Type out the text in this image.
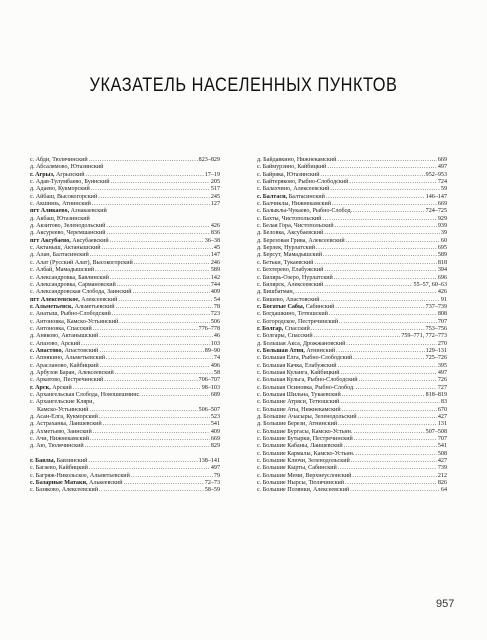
УКАЗАТЕЛЬ НАСЕЛЕННЫХ ПУНКТОВ
с. Абди, Тюлячинский . . .	823–829
д. Абсалямово, Ютазинский
г. Агрыз, Агрызский . . .	17–19
с. Адав-Тулумбаево, Буинский . . .	205
д. Адаево, Кукморский . . .	517
с. Айбаш, Высокогорский . . .	245
с. Акшиязь, Атнинский . . .	127
пгт Аликаево, Азнакаевский
д. Акбаш, Ютазинский
д. Акзитово, Зеленодольский . . .	426
д. Аксуреево, Черемшанский . . .	836
пгт Аксубаево, Аксубаевский . . .	36–38
с. Актаныш, Актанышский . . .	45
д. Алан, Балтасинский . . .	147
с. Алат (Русский Алат), Высокогорский . . .	246
с. Албай, Мамадышский . . .	589
с. Александровка, Бавлинский . . .	142
с. Александровка, Сармановский . . .	744
с. Александровская Слобода, Заинский . . .	409
пгт Алексеевское, Алексеевский . . .	54
г. Альметьевск, Альметьевский . . .	78
с. Анатыш, Рыбно-Слободский . . .	723
с. Антоновка, Камско-Устьинский . . .	506
с. Антоновка, Спасский . . .	776–778
д. Аняково, Актанышский . . .	46
с. Апазово, Арский . . .	103
с. Апастово, Апастовский . . .	89–90
с. Апнякино, Альметьевский . . .	74
с. Араслановo, Кайбицкий . . .	496
д. Арбузов Баран, Алексеевский . . .	58
с. Аркатово, Пестречинский . . .	706–707
г. Арск, Арский . . .	98–103
с. Архангельская Слобода, Новошешминс. . . .	689
с. Архангельские Кляри,
Камско-Устьинский . . .	506–507
д. Асан-Елга, Кукморский . . .	523
д. Астраханка, Лаишевский . . .	541
д. Ахметьево, Заинский . . .	409
с. Ачи, Нижнекамский . . .	669
д. Аю, Тюлячинский . . .	829
г. Бавлы, Бавлинский . . .	138–141
с. Багаево, Кайбицкий . . .	497
с. Багряж-Никольское, Альметьевский . . .	79
с. Базарные Матаки, Алькеевский . . .	72–73
с. Базяково, Алексеевский . . .	58–59
д. Байдавкино, Нижнекамский . . .	669
с. Баймурзино, Кайбицкий . . .	497
с. Байряка, Ютазинский . . .	952–953
с. Байтеряково, Рыбно-Слободский . . .	724
с. Балахчино, Алексеевский . . .	59
с. Балтаси, Балтасинский . . .	146–147
с. Балчиклы, Нижнекамский . . .	669
с. Балыклы-Чукаево, Рыбно-Слобод. . . .	724–725
с. Бахты, Чистопольский . . .	929
с. Белая Гора, Чистопольский . . .	939
д. Беловка, Аксубаевский . . .	39
д. Березовая Грива, Алексеевский . . .	60
д. Берлек, Нурлатский . . .	695
д. Берсут, Мамадышский . . .	589
с. Бетьки, Тукаевский . . .	818
с. Бехтерево, Елабужский . . .	394
с. Билярь-Озеро, Нурлатский . . .	696
с. Билярск, Алексеевский . . .	55–57, 60–63
д. Бишбатман, . . .	426
с. Бишево, Апастовский . . .	91
с. Богатые Сабы, Сабинский . . .	737–739
с. Богдашкино, Тетюшский . . .	808
с. Богородское, Пестречинский . . .	707
г. Болгар, Спасский . . .	753–756
с. Болгары, Спасский . . .	759–771, 772–773
д. Большая Аксa, Дрожжановский . . .	270
с. Большая Атня, Атнинский . . .	129–131
с. Большая Елга, Рыбно-Слободский . . .	725–726
с. Большая Качка, Елабужский . . .	395
с. Большая Куланга, Кайбицкий . . .	497
с. Большая Кульга, Рыбно-Слободский . . .	726
с. Большая Осиновка, Рыбно-Слобод. . . .	727
с. Большая Шильна, Тукаевский . . .	818–819
с. Большие Атряси, Тетюшский . . .	83
с. Большие Аты, Нижнекамский . . .	670
д. Большие Ачасыры, Зеленодольский . . .	427
д. Большие Берези, Атнинский . . .	131
с. Большие Бургасы, Камско-Устьин. . . .	507–508
с. Большие Бутырки, Пестречинский . . .	707
с. Большие Кабаны, Лаишевский . . .	541
с. Большие Кармалы, Камско-Устьин. . . .	508
с. Большие Ключи, Зеленодольский . . .	427
с. Большие Кырты, Сабинский . . .	739
с. Большие Меми, Верхнеуслонский . . .	212
с. Большие Нырсы, Тюлячинский . . .	826
с. Большие Полянки, Алексеевский . . .	64
957
